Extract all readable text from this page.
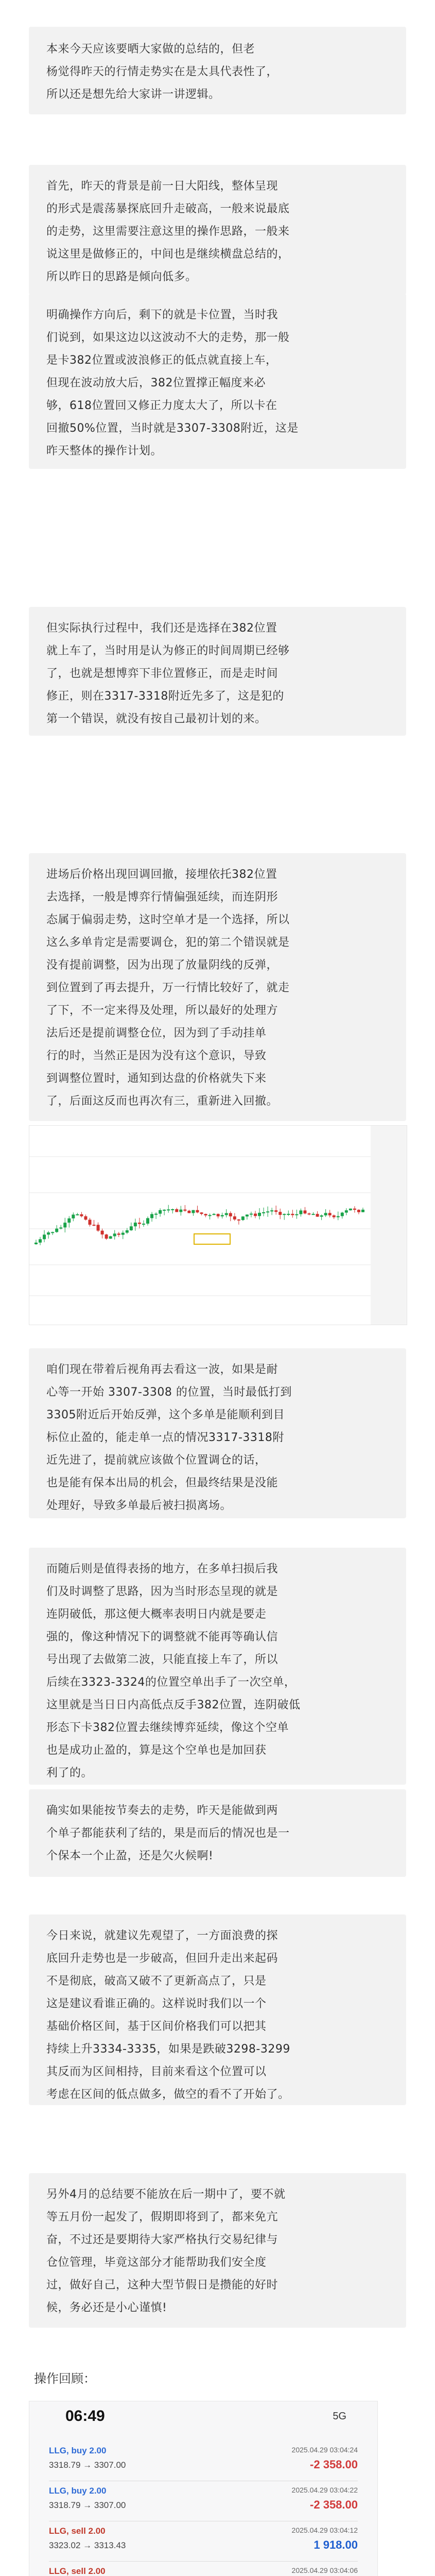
本来今天应该要晒大家做的总结的，但老

杨觉得昨天的行情走势实在是太具代表性了，

所以还是想先给大家讲一讲逻辑。

首先，昨天的背景是前一日大阳线，整体呈现

的形式是震荡暴探底回升走破高，一般来说最底

的走势，这里需要注意这里的操作思路，一般来

说这里是做修正的，中间也是继续横盘总结的，

所以昨日的思路是倾向低多。

明确操作方向后，剩下的就是卡位置，当时我

们说到，如果这边以这波动不大的走势，那一般

是卡382位置或波浪修正的低点就直接上车，

但现在波动放大后，382位置撑正幅度来必

够，618位置回又修正力度太大了，所以卡在

回撤50%位置，当时就是3307-3308附近，这是

昨天整体的操作计划。

但实际执行过程中，我们还是选择在382位置

就上车了，当时用是认为修正的时间周期已经够

了，也就是想博弈下非位置修正，而是走时间

修正，则在3317-3318附近先多了，这是犯的

第一个错误，就没有按自己最初计划的来。

进场后价格出现回调回撤，接埋依托382位置

去选择，一般是博弈行情偏强延续，而连阴形

态属于偏弱走势，这时空单才是一个选择，所以

这么多单肯定是需要调仓，犯的第二个错误就是

没有提前调整，因为出现了放量阴线的反弹，

到位置到了再去提升，万一行情比较好了，就走

了下，不一定来得及处理，所以最好的处理方

法后还是提前调整仓位，因为到了手动挂单

行的时，当然正是因为没有这个意识，导致

到调整位置时，通知到达盘的价格就失下来

了，后面这反而也再次有三，重新进入回撤。

咱们现在带着后视角再去看这一波，如果是耐

心等一开始 3307-3308 的位置，当时最低打到

3305附近后开始反弹，这个多单是能顺利到目

标位止盈的，能走单一点的情况3317-3318附

近先进了，提前就应该做个位置调仓的话，

也是能有保本出局的机会，但最终结果是没能

处理好，导致多单最后被扫损离场。

而随后则是值得表扬的地方，在多单扫损后我

们及时调整了思路，因为当时形态呈现的就是

连阴破低，那这便大概率表明日内就是要走

强的，像这种情况下的调整就不能再等确认信

号出现了去做第二波，只能直接上车了，所以

后续在3323-3324的位置空单出手了一次空单，

这里就是当日日内高低点反手382位置，连阴破低

形态下卡382位置去继续博弈延续，像这个空单

也是成功止盈的，算是这个空单也是加回获

利了的。

确实如果能按节奏去的走势，昨天是能做到两

个单子都能获利了结的，果是而后的情况也是一

个保本一个止盈，还是欠火候啊!

今日来说，就建议先观望了，一方面浪费的探

底回升走势也是一步破高，但回升走出来起码

不是彻底，破高又破不了更新高点了，只是

这是建议看谁正确的。这样说时我们以一个

基础价格区间，基于区间价格我们可以把其

持续上升3334-3335，如果是跌破3298-3299

其反而为区间相持，目前来看这个位置可以

考虑在区间的低点做多，做空的看不了开始了。

另外4月的总结要不能放在后一期中了，要不就

等五月份一起发了，假期即将到了，都来免亢

奋，不过还是要期待大家严格执行交易纪律与

仓位管理，毕竟这部分才能帮助我们安全度

过，做好自己，这种大型节假日是攒能的好时

候，务必还是小心谨慎!

操作回顾：
06:49	5G
LLG, buy 2.00
3318.79 → 3307.00
2025.04.29 03:04:24
-2 358.00
LLG, buy 2.00
3318.79 → 3307.00
2025.04.29 03:04:22
-2 358.00
LLG, sell 2.00
3323.02 → 3313.43
2025.04.29 03:04:12
1 918.00
LLG, sell 2.00	2025.04.29 03:04:06
